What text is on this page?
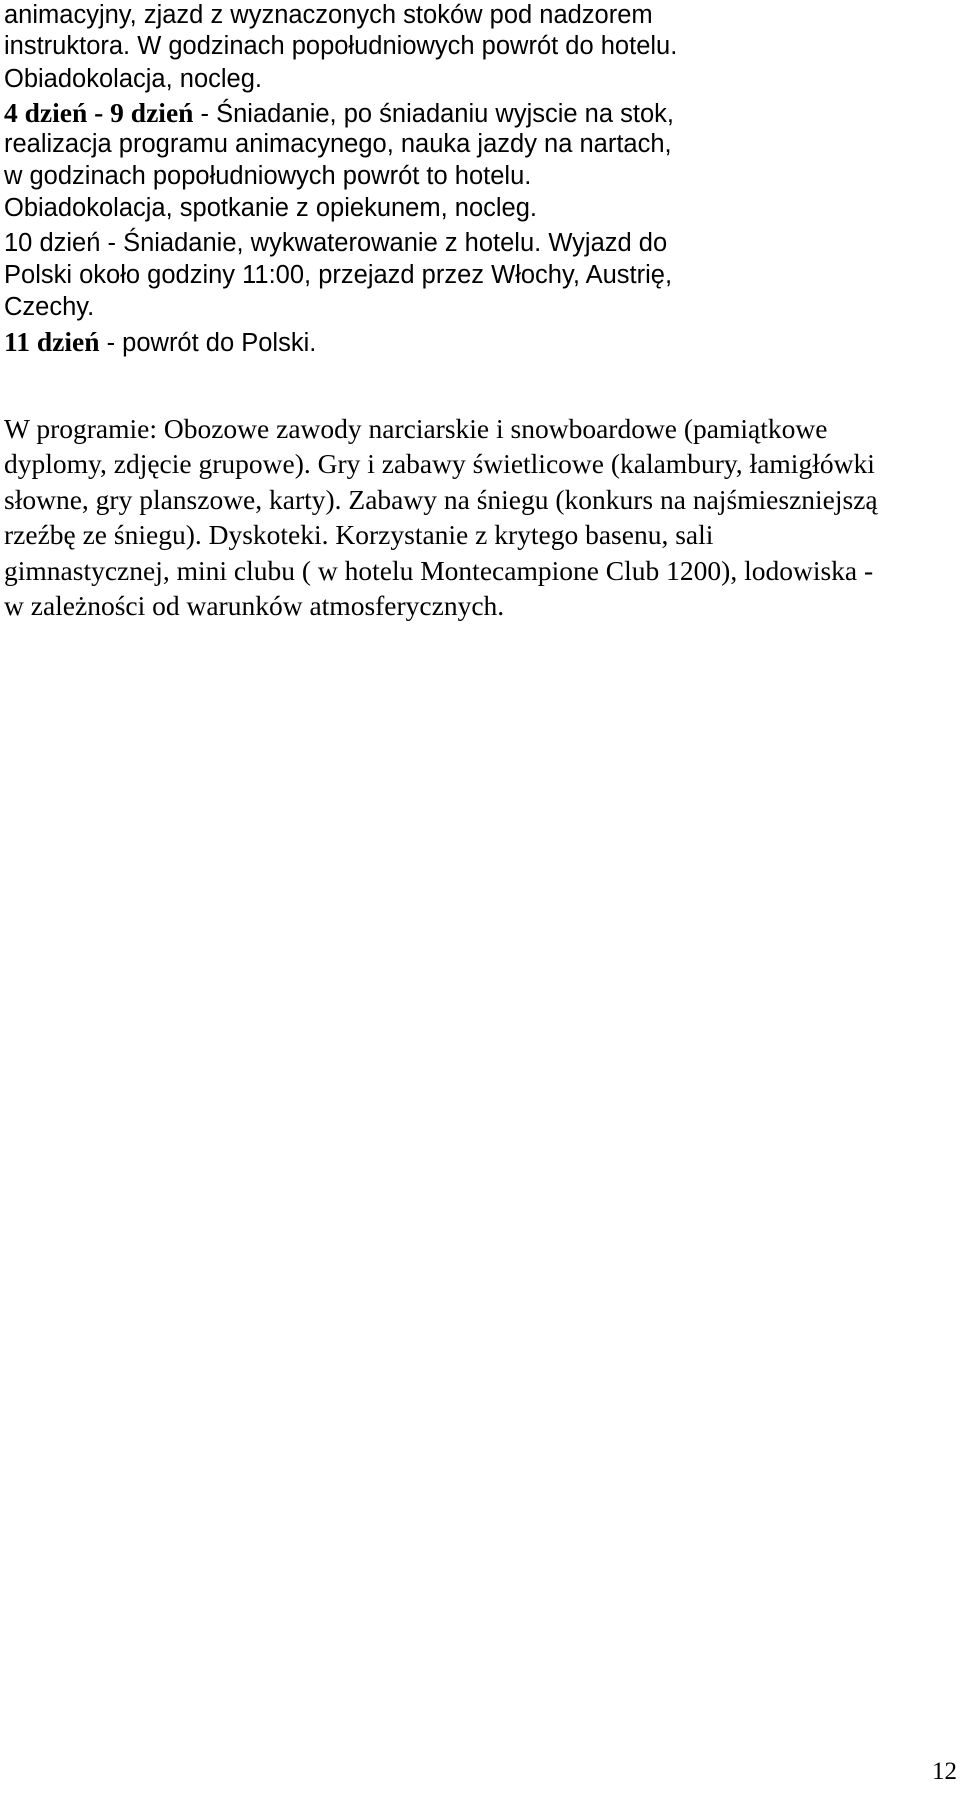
animacyjny, zjazd z wyznaczonych stoków pod nadzorem
instruktora. W godzinach popołudniowych powrót do hotelu.
Obiadokolacja, nocleg.
4 dzień - 9 dzień - Śniadanie, po śniadaniu wyjscie na stok,
realizacja programu animacynego, nauka jazdy na nartach,
w godzinach popołudniowych powrót to hotelu.
Obiadokolacja, spotkanie z opiekunem, nocleg.
10 dzień - Śniadanie, wykwaterowanie z hotelu. Wyjazd do
Polski około godziny 11:00, przejazd przez Włochy, Austrię,
Czechy.
11 dzień - powrót do Polski.
W programie: Obozowe zawody narciarskie i snowboardowe (pamiątkowe
dyplomy, zdjęcie grupowe). Gry i zabawy świetlicowe (kalambury, łamigłówki
słowne, gry planszowe, karty). Zabawy na śniegu (konkurs na najśmieszniejszą
rzeźbę ze śniegu). Dyskoteki. Korzystanie z krytego basenu, sali
gimnastycznej, mini clubu ( w hotelu Montecampione Club 1200), lodowiska -
w zależności od warunków atmosferycznych.
12
